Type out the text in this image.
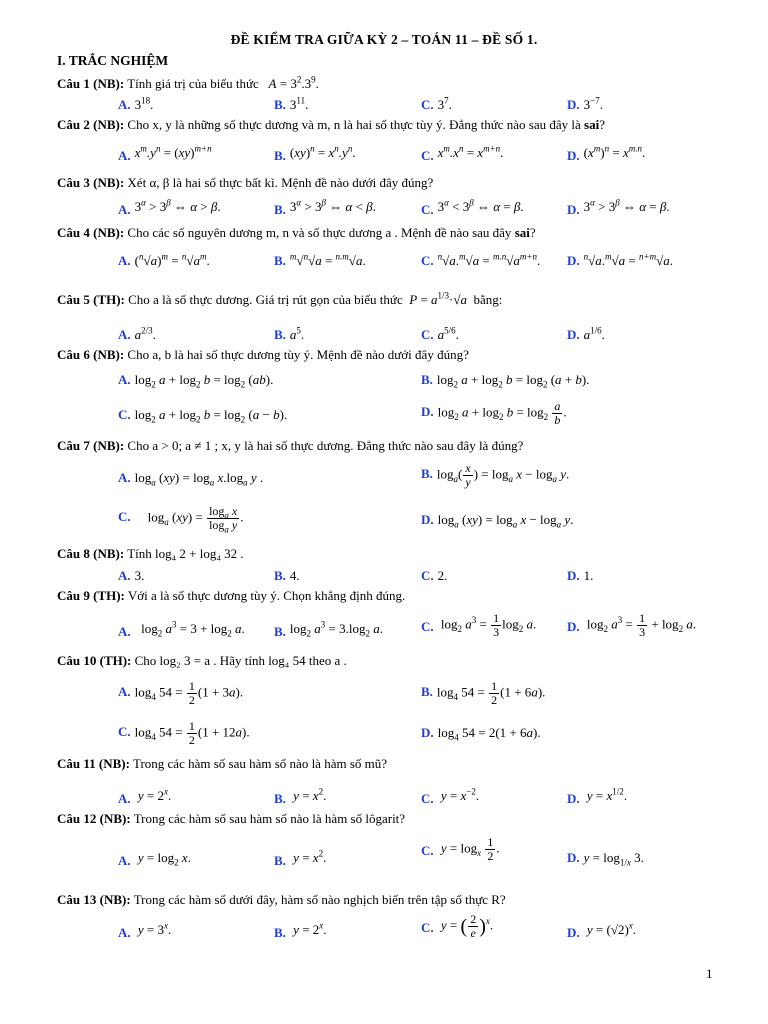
ĐỀ KIỂM TRA GIỮA KỲ 2 – TOÁN 11 – ĐỀ SỐ 1.
I. TRẮC NGHIỆM
Câu 1 (NB): Tính giá trị của biểu thức $A = 3^2.3^9$.
A. $3^{18}$.	B. $3^{11}$.	C. $3^7$.	D. $3^{-7}$.
Câu 2 (NB): Cho x, y là những số thực dương và m, n là hai số thực tùy ý. Đẳng thức nào sau đây là sai?
A. $x^m.y^n = (xy)^{m+n}$	B. $(xy)^n = x^n.y^n$.	C. $x^m.x^n = x^{m+n}$.	D. $(x^m)^n = x^{m.n}$.
Câu 3 (NB): Xét α, β là hai số thực bất kì. Mệnh đề nào dưới đây đúng?
A. $3^\alpha > 3^\beta$ ⇔ α > β.	B. $3^\alpha > 3^\beta$ ⇔ α < β.	C. $3^\alpha < 3^\beta$ ⇔ α = β.	D. $3^\alpha > 3^\beta$ ⇔ α = β.
Câu 4 (NB): Cho các số nguyên dương m, n và số thực dương a . Mệnh đề nào sau đây sai?
A. $(^n√a)^m = ^n√a^m$.	B. $^m$√$^n$√a = $^{n.m}$√a.	C. $^n√a.^m√a = ^{m.n}√a^{m+n}$. D. $^n$√a.$^m$√a = $^{n+m}$√a.
Câu 5 (TH): Cho a là số thực dương. Giá trị rút gọn của biểu thức $P = a^{1/3}\cdot√a$ bằng:
A. $a^{2/3}$.	B. $a^5$.	C. $a^{5/6}$.	D. $a^{1/6}$.
Câu 6 (NB): Cho a, b là hai số thực dương tùy ý. Mệnh đề nào dưới đây đúng?
A. $\log_2 a + \log_2 b = \log_2 (ab)$.	B. $\log_2 a + \log_2 b = \log_2 (a + b)$.
C. $\log_2 a + \log_2 b = \log_2 (a - b)$.	D. $\log_2 a + \log_2 b = \log_2 \frac{a}{b}$ .
Câu 7 (NB): Cho a > 0; a ≠ 1 ; x, y là hai số thực dương. Đẳng thức nào sau đây là đúng?
A. $\log_a (xy) = \log_a x.\log_a$ y .	B. $\log_a( \frac{x}{y}$ ) = $\log_a x - \log_a y$.
C.    $\log_a (xy) = \frac{\log_a x}{\log_a y}$ .	D. $\log_a (xy) = \log_a x - \log_a y$.
Câu 8 (NB): Tính log₄ 2 + log₄ 32 .
A. 3.	B. 4.	C. 2.	D. 1.
Câu 9 (TH): Với a là số thực dương tùy ý. Chọn khẳng định đúng.
A.  $\log_2 a^3 = 3 + \log_2 a$. B. $\log_2 a^3 = 3.\log_2$ a.	C. $\log_2 a^3 = \frac{1}{3} \log_2 a$. D. $\log_2 a^3 = \frac{1}{3} + \log_2 a$.
Câu 10 (TH): Cho log₂ 3 = a . Hãy tính log₄ 54 theo a .
A. $\log_4 54 = \frac{1}{2} (1 + 3a)$.	B. $\log_4 54 = \frac{1}{2} (1 + 6a)$.
C. $\log_4 54 = \frac{1}{2} (1 + 12a)$.	D. $\log_4 54 = 2(1 + 6a)$.
Câu 11 (NB): Trong các hàm số sau hàm số nào là hàm số mũ?
A. $y = 2^x$.	B. $y = x^2$.	C. $y = x^{-2}$.	D. $y = x^{1/2}$.
Câu 12 (NB): Trong các hàm số sau hàm số nào là hàm số lôgarit?
A. $y = \log_2 x$.	B. $y = x^2$.	C. $y = \log_x \frac{1}{2}$ .
D. $y = \log_{1/x} 3$.
Câu 13 (NB): Trong các hàm số dưới đây, hàm số nào nghịch biến trên tập số thực R?
A. $y = 3^x$.	B. $y = 2^x$.	C. y = ( $\frac{2}{e} )^x$.
D. $y = (√2)^x$.
1
